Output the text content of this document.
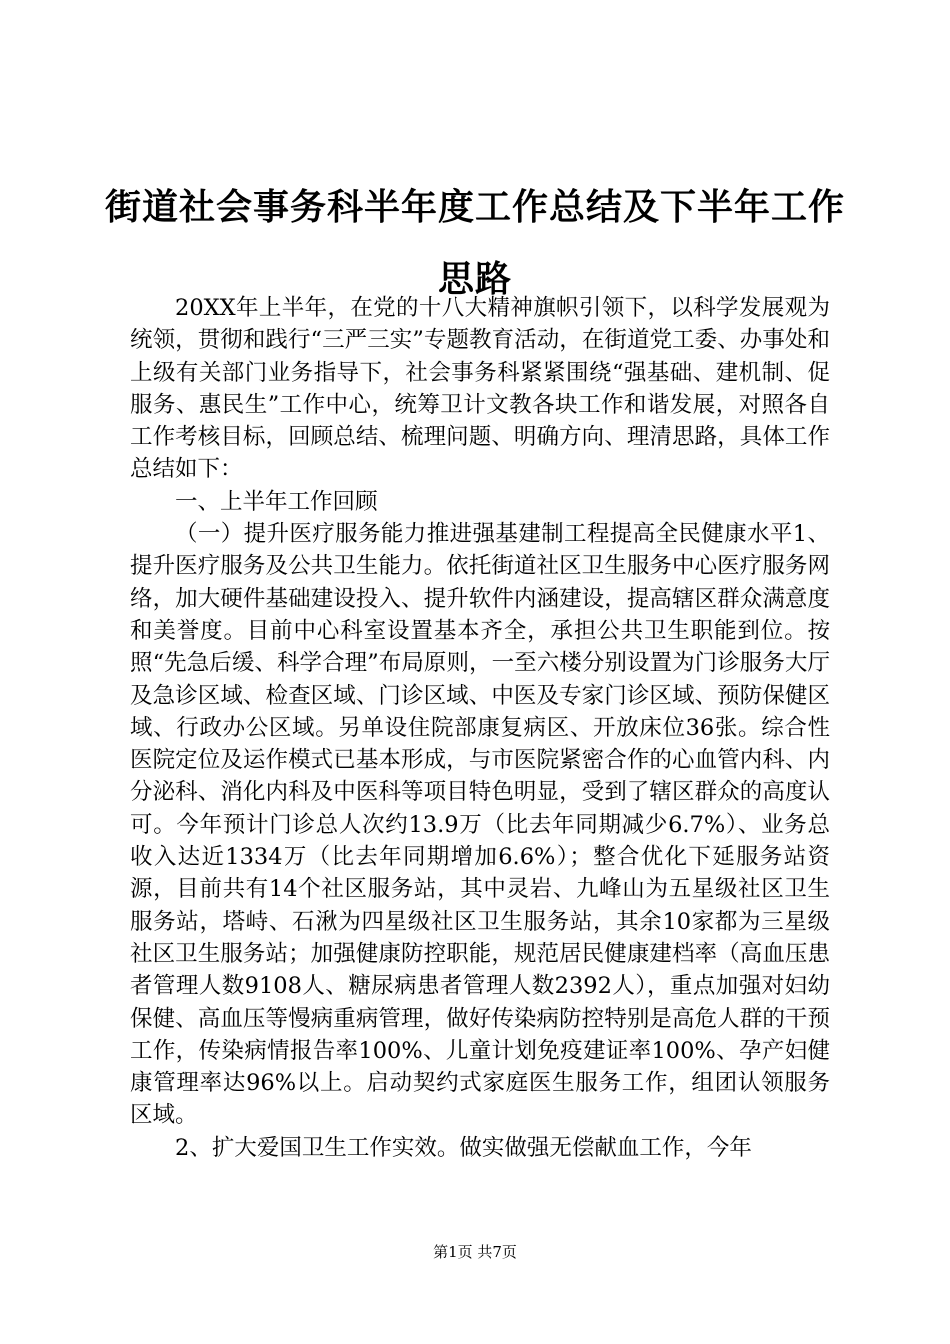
街道社会事务科半年度工作总结及下半年工作
思路

20XX年上半年，在党的十八大精神旗帜引领下，以科学发展观为统领，贯彻和践行“三严三实”专题教育活动，在街道党工委、办事处和上级有关部门业务指导下，社会事务科紧紧围绕“强基础、建机制、促服务、惠民生”工作中心，统筹卫计文教各块工作和谐发展，对照各自工作考核目标，回顾总结、梳理问题、明确方向、理清思路，具体工作总结如下：

一、上半年工作回顾

（一）提升医疗服务能力推进强基建制工程提高全民健康水平1、提升医疗服务及公共卫生能力。依托街道社区卫生服务中心医疗服务网络，加大硬件基础建设投入、提升软件内涵建设，提高辖区群众满意度和美誉度。目前中心科室设置基本齐全，承担公共卫生职能到位。按照“先急后缓、科学合理”布局原则，一至六楼分别设置为门诊服务大厅及急诊区域、检查区域、门诊区域、中医及专家门诊区域、预防保健区域、行政办公区域。另单设住院部康复病区、开放床位36张。综合性医院定位及运作模式已基本形成，与市医院紧密合作的心血管内科、内分泌科、消化内科及中医科等项目特色明显，受到了辖区群众的高度认可。今年预计门诊总人次约13.9万（比去年同期减少6.7%）、业务总收入达近1334万（比去年同期增加6.6%）；整合优化下延服务站资源，目前共有14个社区服务站，其中灵岩、九峰山为五星级社区卫生服务站，塔峙、石湫为四星级社区卫生服务站，其余10家都为三星级社区卫生服务站；加强健康防控职能，规范居民健康建档率（高血压患者管理人数9108人、糖尿病患者管理人数2392人），重点加强对妇幼保健、高血压等慢病重病管理，做好传染病防控特别是高危人群的干预工作，传染病情报告率100%、儿童计划免疫建证率100%、孕产妇健康管理率达96%以上。启动契约式家庭医生服务工作，组团认领服务区域。

2、扩大爱国卫生工作实效。做实做强无偿献血工作，今年

第1页 共7页
